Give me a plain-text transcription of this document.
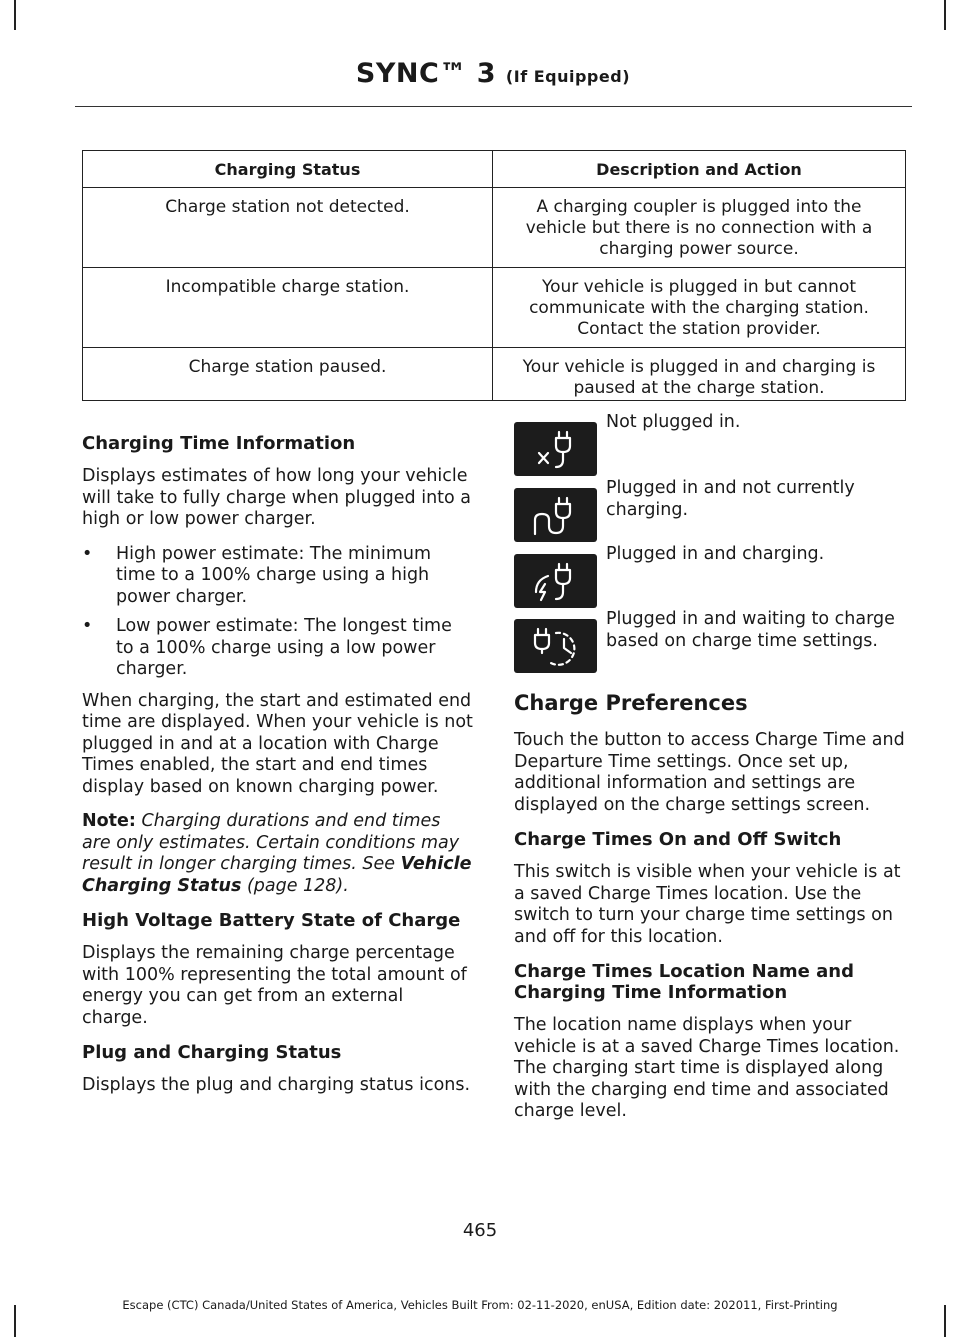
SYNC™ 3 (If Equipped)
Charging Status	Description and Action
Charge station not detected.	A charging coupler is plugged into the vehicle but there is no connection with a charging power source.
Incompatible charge station.	Your vehicle is plugged in but cannot communicate with the charging station. Contact the station provider.
Charge station paused.	Your vehicle is plugged in and charging is paused at the charge station.
Charging Time Information

Displays estimates of how long your vehicle will take to fully charge when plugged into a high or low power charger.

• High power estimate: The minimum time to a 100% charge using a high power charger.
• Low power estimate: The longest time to a 100% charge using a low power charger.

When charging, the start and estimated end time are displayed. When your vehicle is not plugged in and at a location with Charge Times enabled, the start and end times display based on known charging power.

Note: Charging durations and end times are only estimates. Certain conditions may result in longer charging times. See Vehicle Charging Status (page 128).

High Voltage Battery State of Charge

Displays the remaining charge percentage with 100% representing the total amount of energy you can get from an external charge.

Plug and Charging Status

Displays the plug and charging status icons.

Not plugged in.
Plugged in and not currently charging.
Plugged in and charging.
Plugged in and waiting to charge based on charge time settings.
Charge Preferences

Touch the button to access Charge Time and Departure Time settings. Once set up, additional information and settings are displayed on the charge settings screen.

Charge Times On and Off Switch

This switch is visible when your vehicle is at a saved Charge Times location. Use the switch to turn your charge time settings on and off for this location.

Charge Times Location Name and Charging Time Information

The location name displays when your vehicle is at a saved Charge Times location. The charging start time is displayed along with the charging end time and associated charge level.

465
Escape (CTC) Canada/United States of America, Vehicles Built From: 02-11-2020, enUSA, Edition date: 202011, First-Printing
